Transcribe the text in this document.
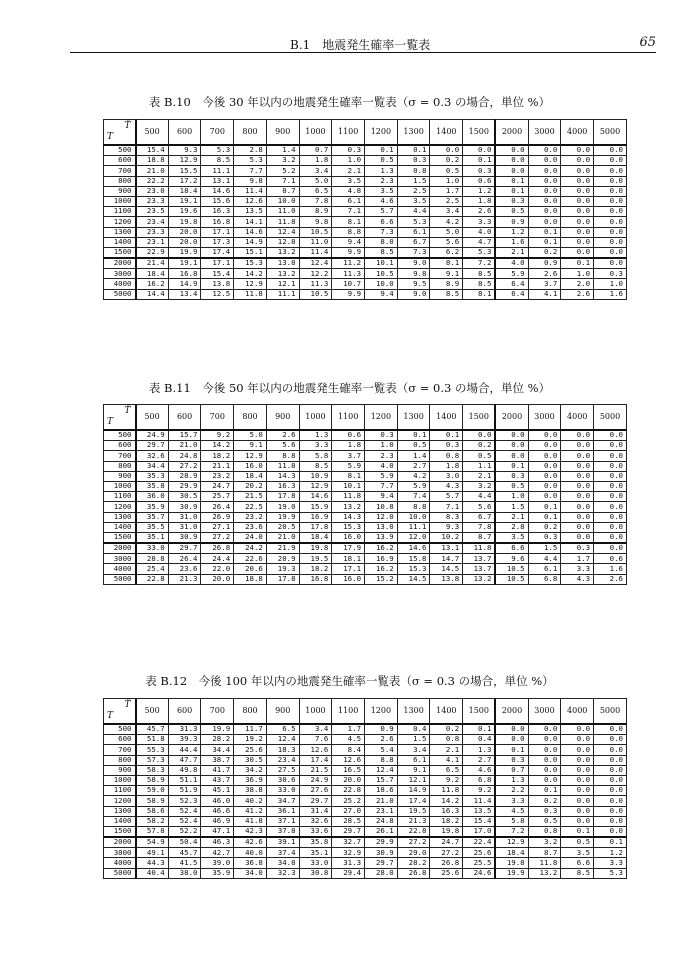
B.1　地震発生確率一覧表	65
表 B.10　今後 30 年以内の地震発生確率一覧表（σ = 0.3 の場合，単位 %）
T
T̂	500	600	700	800	900	1000	1100	1200	1300	1400	1500	2000	3000	4000	5000
500	15.4	9.3	5.3	2.8	1.4	0.7	0.3	0.1	0.1	0.0	0.0	0.0	0.0	0.0	0.0
600	18.8	12.9	8.5	5.3	3.2	1.8	1.0	0.5	0.3	0.2	0.1	0.0	0.0	0.0	0.0
700	21.0	15.5	11.1	7.7	5.2	3.4	2.1	1.3	0.8	0.5	0.3	0.0	0.0	0.0	0.0
800	22.2	17.2	13.1	9.8	7.1	5.0	3.5	2.3	1.5	1.0	0.6	0.1	0.0	0.0	0.0
900	23.0	18.4	14.6	11.4	8.7	6.5	4.8	3.5	2.5	1.7	1.2	0.1	0.0	0.0	0.0
1000	23.3	19.1	15.6	12.6	10.0	7.8	6.1	4.6	3.5	2.5	1.8	0.3	0.0	0.0	0.0
1100	23.5	19.6	16.3	13.5	11.0	8.9	7.1	5.7	4.4	3.4	2.6	0.5	0.0	0.0	0.0
1200	23.4	19.8	16.8	14.1	11.8	9.8	8.1	6.6	5.3	4.2	3.3	0.9	0.0	0.0	0.0
1300	23.3	20.0	17.1	14.6	12.4	10.5	8.8	7.3	6.1	5.0	4.0	1.2	0.1	0.0	0.0
1400	23.1	20.0	17.3	14.9	12.8	11.0	9.4	8.0	6.7	5.6	4.7	1.6	0.1	0.0	0.0
1500	22.9	19.9	17.4	15.1	13.2	11.4	9.9	8.5	7.3	6.2	5.3	2.1	0.2	0.0	0.0
2000	21.4	19.1	17.1	15.3	13.8	12.4	11.2	10.1	9.0	8.1	7.2	4.0	0.9	0.1	0.0
3000	18.4	16.8	15.4	14.2	13.2	12.2	11.3	10.5	9.8	9.1	8.5	5.9	2.6	1.0	0.3
4000	16.2	14.9	13.8	12.9	12.1	11.3	10.7	10.0	9.5	8.9	8.5	6.4	3.7	2.0	1.0
5000	14.4	13.4	12.5	11.8	11.1	10.5	9.9	9.4	9.0	8.5	8.1	6.4	4.1	2.6	1.6
表 B.11　今後 50 年以内の地震発生確率一覧表（σ = 0.3 の場合，単位 %）
T
T̂	500	600	700	800	900	1000	1100	1200	1300	1400	1500	2000	3000	4000	5000
500	24.9	15.7	9.2	5.0	2.6	1.3	0.6	0.3	0.1	0.1	0.0	0.0	0.0	0.0	0.0
600	29.7	21.0	14.2	9.1	5.6	3.3	1.8	1.0	0.5	0.3	0.2	0.0	0.0	0.0	0.0
700	32.6	24.8	18.2	12.9	8.8	5.8	3.7	2.3	1.4	0.8	0.5	0.0	0.0	0.0	0.0
800	34.4	27.2	21.1	16.0	11.8	8.5	5.9	4.0	2.7	1.8	1.1	0.1	0.0	0.0	0.0
900	35.3	28.9	23.2	18.4	14.3	10.9	8.1	5.9	4.2	3.0	2.1	0.3	0.0	0.0	0.0
1000	35.8	29.9	24.7	20.2	16.3	12.9	10.1	7.7	5.9	4.3	3.2	0.5	0.0	0.0	0.0
1100	36.0	30.5	25.7	21.5	17.8	14.6	11.8	9.4	7.4	5.7	4.4	1.0	0.0	0.0	0.0
1200	35.9	30.9	26.4	22.5	19.0	15.9	13.2	10.8	8.8	7.1	5.6	1.5	0.1	0.0	0.0
1300	35.7	31.0	26.9	23.2	19.9	16.9	14.3	12.0	10.0	8.3	6.7	2.1	0.1	0.0	0.0
1400	35.5	31.0	27.1	23.6	20.5	17.8	15.3	13.0	11.1	9.3	7.8	2.8	0.2	0.0	0.0
1500	35.1	30.9	27.2	24.0	21.0	18.4	16.0	13.9	12.0	10.2	8.7	3.5	0.3	0.0	0.0
2000	33.0	29.7	26.8	24.2	21.9	19.8	17.9	16.2	14.6	13.1	11.8	6.6	1.5	0.3	0.0
3000	28.8	26.4	24.4	22.6	20.9	19.5	18.1	16.9	15.8	14.7	13.7	9.6	4.4	1.7	0.6
4000	25.4	23.6	22.0	20.6	19.3	18.2	17.1	16.2	15.3	14.5	13.7	10.5	6.1	3.3	1.6
5000	22.8	21.3	20.0	18.8	17.8	16.8	16.0	15.2	14.5	13.8	13.2	10.5	6.8	4.3	2.6
表 B.12　今後 100 年以内の地震発生確率一覧表（σ = 0.3 の場合，単位 %）
T
T̂	500	600	700	800	900	1000	1100	1200	1300	1400	1500	2000	3000	4000	5000
500	45.7	31.3	19.9	11.7	6.5	3.4	1.7	0.9	0.4	0.2	0.1	0.0	0.0	0.0	0.0
600	51.8	39.3	28.2	19.2	12.4	7.6	4.5	2.6	1.5	0.8	0.4	0.0	0.0	0.0	0.0
700	55.3	44.4	34.4	25.6	18.3	12.6	8.4	5.4	3.4	2.1	1.3	0.1	0.0	0.0	0.0
800	57.3	47.7	38.7	30.5	23.4	17.4	12.6	8.8	6.1	4.1	2.7	0.3	0.0	0.0	0.0
900	58.3	49.8	41.7	34.2	27.5	21.5	16.5	12.4	9.1	6.5	4.6	0.7	0.0	0.0	0.0
1000	58.9	51.1	43.7	36.9	30.6	24.9	20.0	15.7	12.1	9.2	6.8	1.3	0.0	0.0	0.0
1100	59.0	51.9	45.1	38.8	33.0	27.6	22.8	18.6	14.9	11.8	9.2	2.2	0.1	0.0	0.0
1200	58.9	52.3	46.0	40.2	34.7	29.7	25.2	21.0	17.4	14.2	11.4	3.3	0.2	0.0	0.0
1300	58.6	52.4	46.6	41.2	36.1	31.4	27.0	23.1	19.5	16.3	13.5	4.5	0.3	0.0	0.0
1400	58.2	52.4	46.9	41.8	37.1	32.6	28.5	24.8	21.3	18.2	15.4	5.8	0.5	0.0	0.0
1500	57.8	52.2	47.1	42.3	37.8	33.6	29.7	26.1	22.8	19.8	17.0	7.2	0.8	0.1	0.0
2000	54.9	50.4	46.3	42.6	39.1	35.8	32.7	29.9	27.2	24.7	22.4	12.9	3.2	0.5	0.1
3000	49.1	45.7	42.7	40.0	37.4	35.1	32.9	30.9	29.0	27.2	25.6	18.4	8.7	3.5	1.2
4000	44.3	41.5	39.0	36.8	34.8	33.0	31.3	29.7	28.2	26.8	25.5	19.8	11.8	6.6	3.3
5000	40.4	38.0	35.9	34.0	32.3	30.8	29.4	28.0	26.8	25.6	24.6	19.9	13.2	8.5	5.3
